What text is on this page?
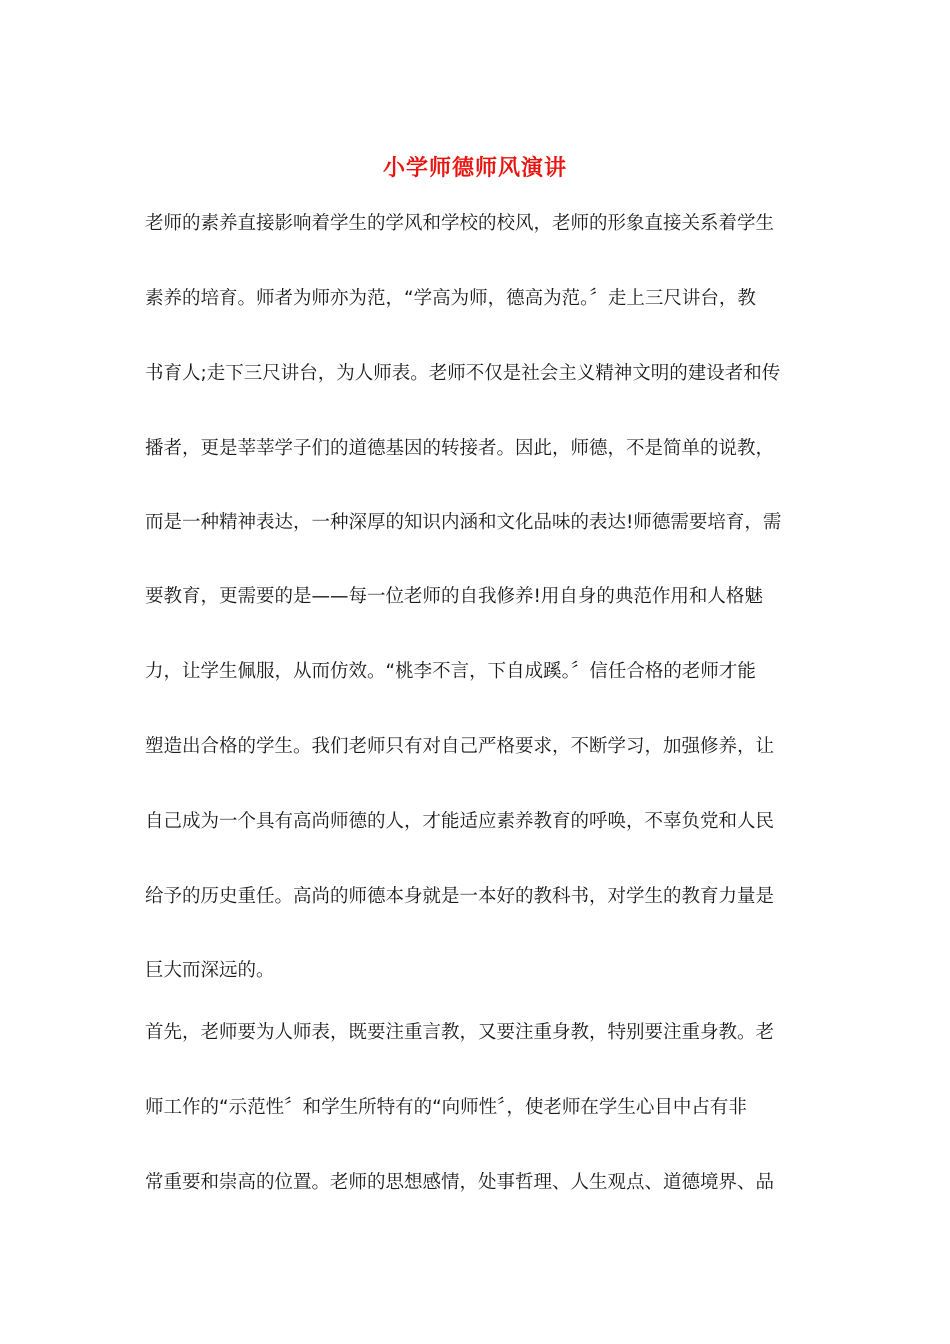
小学师德师风演讲
老师的素养直接影响着学生的学风和学校的校风，老师的形象直接关系着学生
素养的培育。师者为师亦为范，“学高为师，德高为范。〞走上三尺讲台，教
书育人;走下三尺讲台，为人师表。老师不仅是社会主义精神文明的建设者和传
播者，更是莘莘学子们的道德基因的转接者。因此，师德，不是简单的说教，
而是一种精神表达，一种深厚的知识内涵和文化品味的表达!师德需要培育，需
要教育，更需要的是——每一位老师的自我修养!用自身的典范作用和人格魅
力，让学生佩服，从而仿效。“桃李不言，下自成蹊。〞信任合格的老师才能
塑造出合格的学生。我们老师只有对自己严格要求，不断学习，加强修养，让
自己成为一个具有高尚师德的人，才能适应素养教育的呼唤，不辜负党和人民
给予的历史重任。高尚的师德本身就是一本好的教科书，对学生的教育力量是
巨大而深远的。
首先，老师要为人师表，既要注重言教，又要注重身教，特别要注重身教。老
师工作的“示范性〞和学生所特有的“向师性〞，使老师在学生心目中占有非
常重要和崇高的位置。老师的思想感情，处事哲理、人生观点、道德境界、品
